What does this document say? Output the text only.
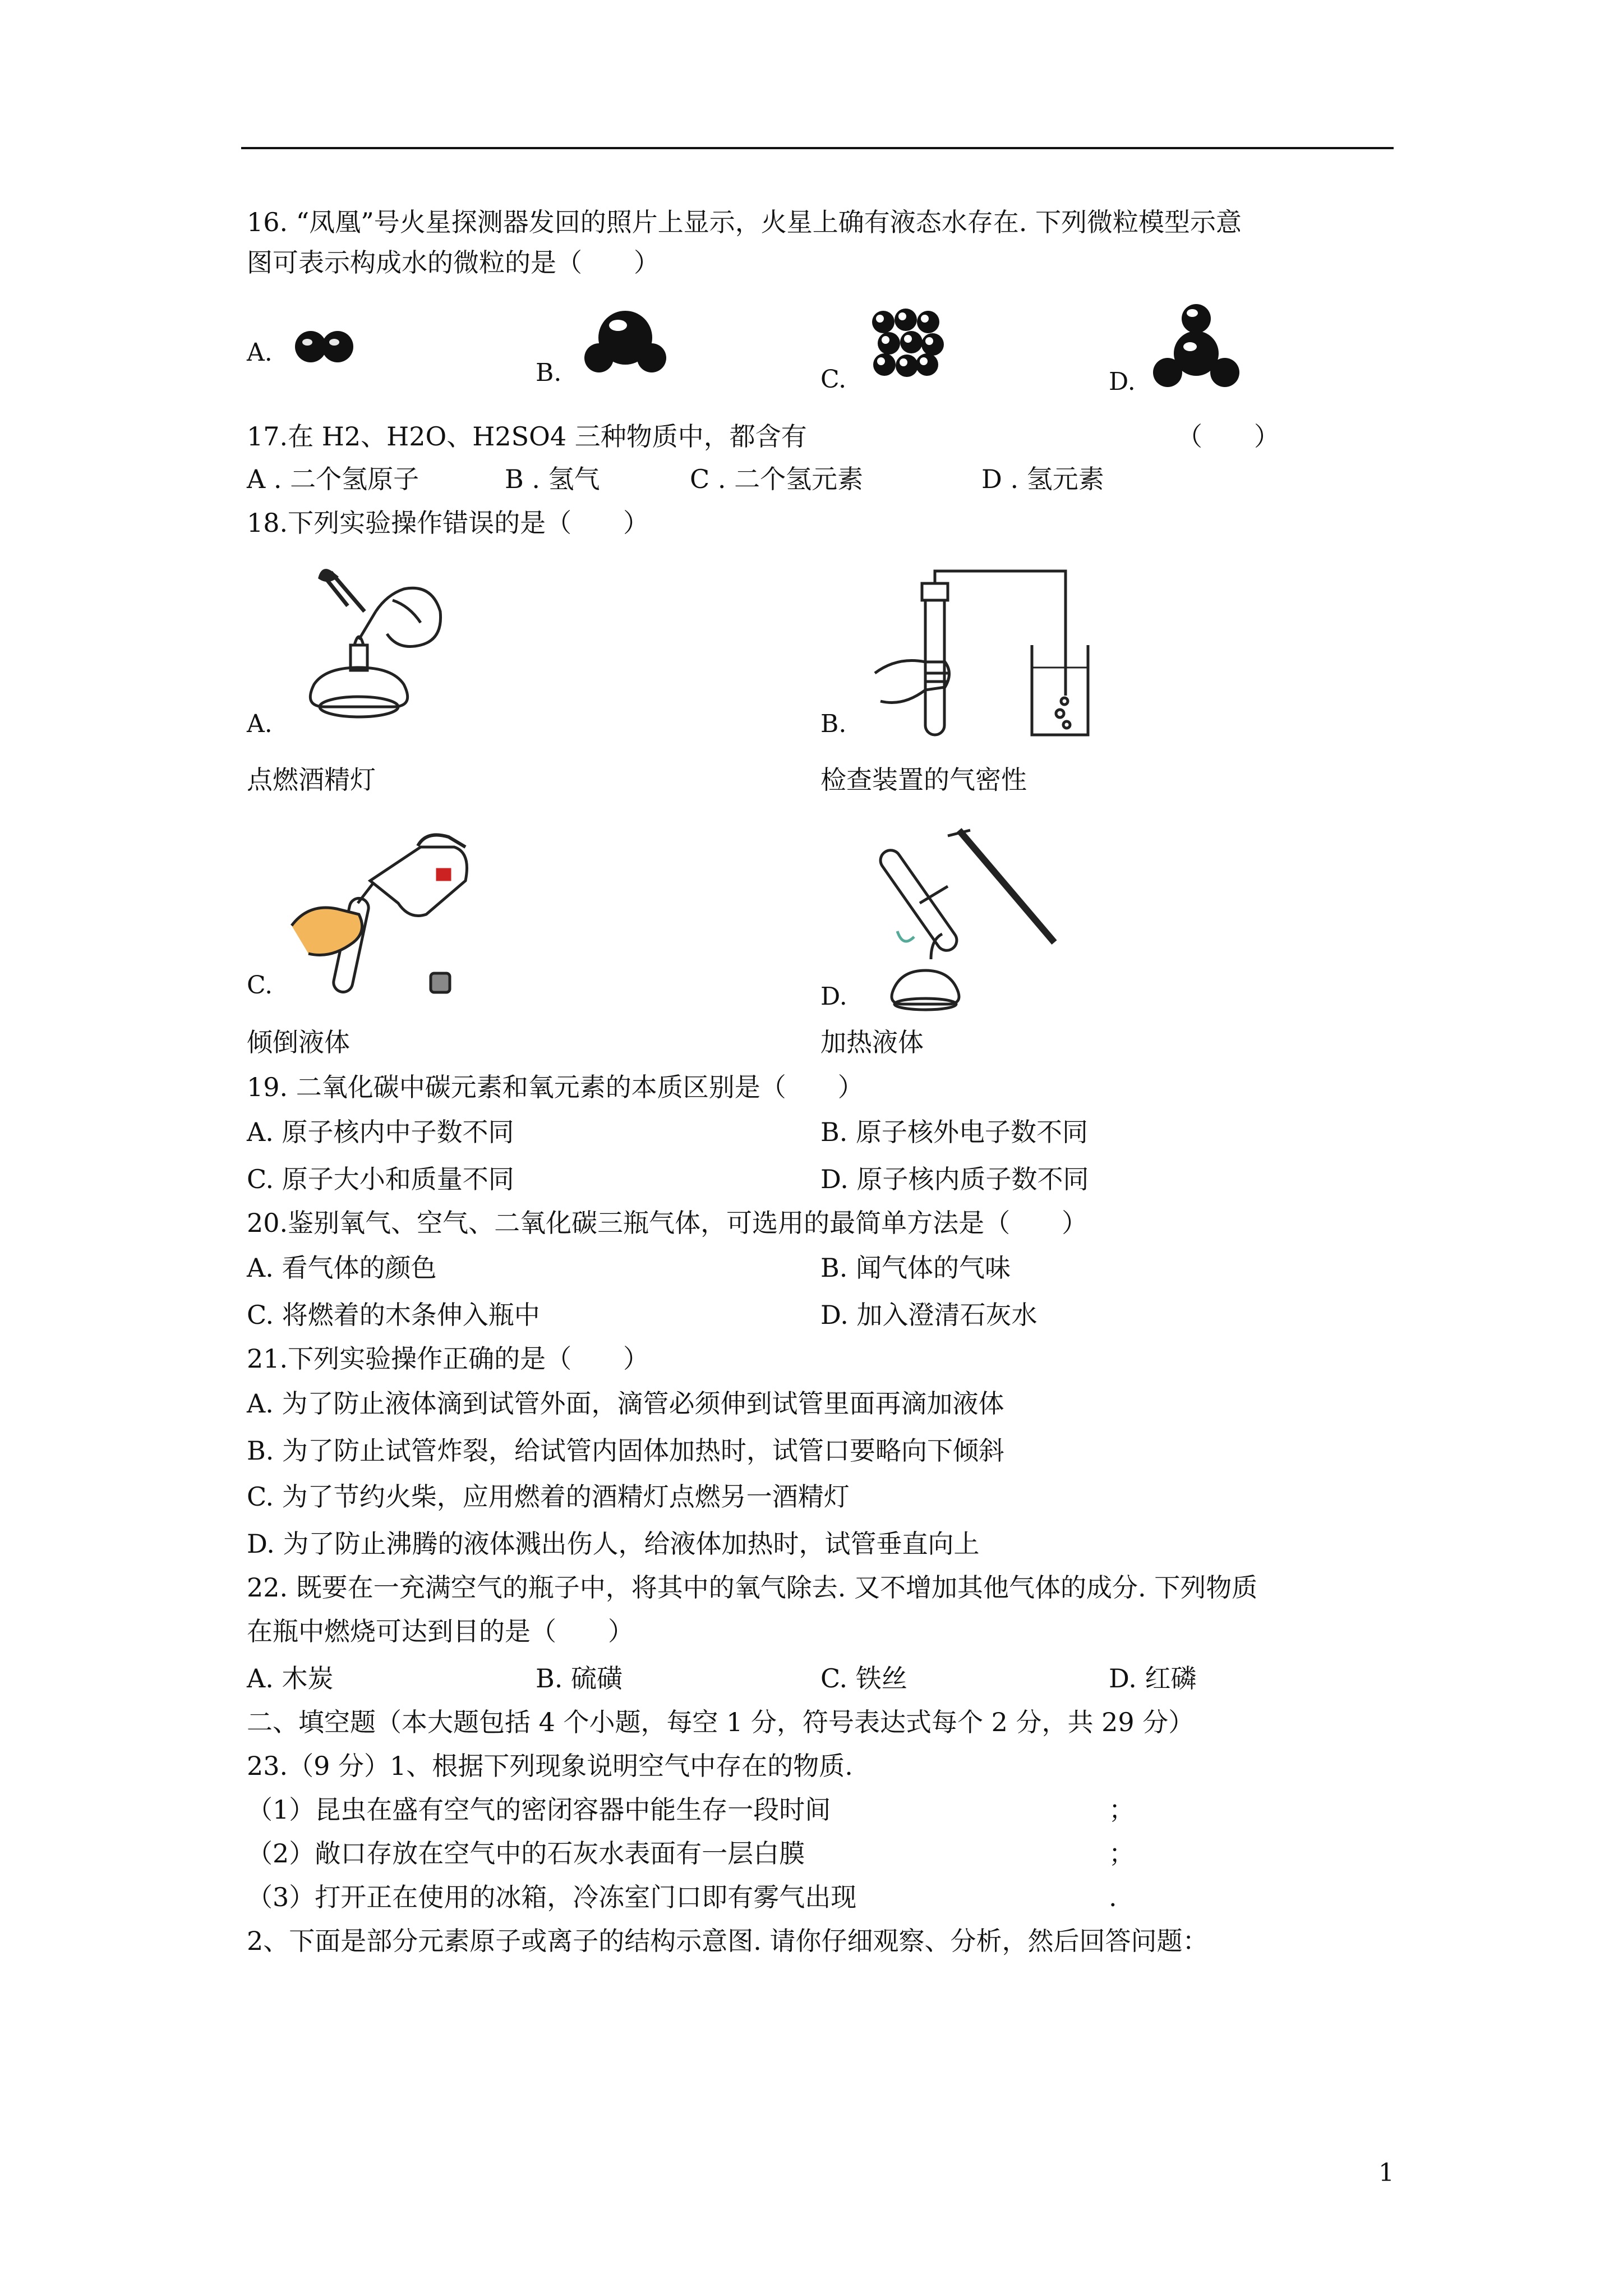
16. “凤凰”号火星探测器发回的照片上显示，火星上确有液态水存在. 下列微粒模型示意
图可表示构成水的微粒的是（　　）
A.
B.	C.	D.
17.在 H2、H2O、H2SO4 三种物质中，都含有	（　　）
A . 二个氢原子	B . 氢气	C . 二个氢元素	D . 氢元素
18.下列实验操作错误的是（　　）
A.
点燃酒精灯
B.
检查装置的气密性
C.
倾倒液体
D.
加热液体
19. 二氧化碳中碳元素和氧元素的本质区别是（　　）
A. 原子核内中子数不同	B. 原子核外电子数不同
C. 原子大小和质量不同	D. 原子核内质子数不同
20.鉴别氧气、空气、二氧化碳三瓶气体，可选用的最简单方法是（　　）
A. 看气体的颜色	B. 闻气体的气味
C. 将燃着的木条伸入瓶中	D. 加入澄清石灰水
21.下列实验操作正确的是（　　）
A. 为了防止液体滴到试管外面，滴管必须伸到试管里面再滴加液体
B. 为了防止试管炸裂，给试管内固体加热时，试管口要略向下倾斜
C. 为了节约火柴，应用燃着的酒精灯点燃另一酒精灯
D. 为了防止沸腾的液体溅出伤人，给液体加热时，试管垂直向上
22. 既要在一充满空气的瓶子中，将其中的氧气除去. 又不增加其他气体的成分. 下列物质
在瓶中燃烧可达到目的是（　　）
A. 木炭	B. 硫磺	C. 铁丝	D. 红磷
二、填空题（本大题包括 4 个小题，每空 1 分，符号表达式每个 2 分，共 29 分）
23.（9 分）1、根据下列现象说明空气中存在的物质.
（1）昆虫在盛有空气的密闭容器中能生存一段时间	；
（2）敞口存放在空气中的石灰水表面有一层白膜	；
（3）打开正在使用的冰箱，冷冻室门口即有雾气出现	.
2、下面是部分元素原子或离子的结构示意图. 请你仔细观察、分析，然后回答问题：
1
